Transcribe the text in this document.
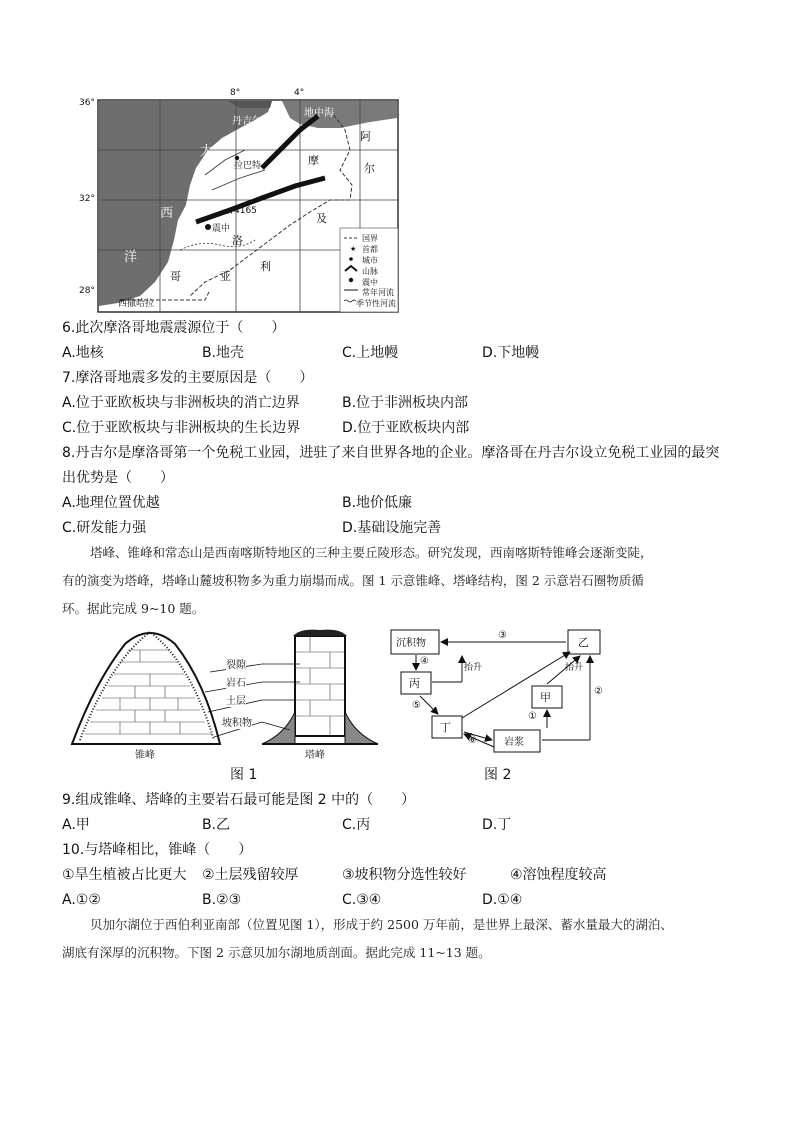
★
★
36°
32°
28°
8°	4°
丹吉尔
地中海
拉巴特
4165
震中
大
西
洋
摩
洛
哥
阿
尔
及
利
亚
西撒哈拉
国界
首都
城市
山脉
震中
常年河流
季节性河流
6.此次摩洛哥地震震源位于（　　）
A.地核	B.地壳	C.上地幔	D.下地幔
7.摩洛哥地震多发的主要原因是（　　）
A.位于亚欧板块与非洲板块的消亡边界	B.位于非洲板块内部
C.位于亚欧板块与非洲板块的生长边界	D.位于亚欧板块内部
8.丹吉尔是摩洛哥第一个免税工业园，进驻了来自世界各地的企业。摩洛哥在丹吉尔设立免税工业园的最突
出优势是（　　）
A.地理位置优越	B.地价低廉
C.研发能力强	D.基础设施完善
塔峰、锥峰和常态山是西南喀斯特地区的三种主要丘陵形态。研究发现，西南喀斯特锥峰会逐渐变陡，
有的演变为塔峰，塔峰山麓坡积物多为重力崩塌而成。图 1 示意锥峰、塔峰结构，图 2 示意岩石圈物质循
环。据此完成 9~10 题。
裂隙
岩石
土层
坡积物
锥峰	塔峰
图 1
沉积物	乙
丙
甲
丁
岩浆
抬升	抬升
③
④
⑤
⑥
①
②
图 2
9.组成锥峰、塔峰的主要岩石最可能是图 2 中的（　　）
A.甲	B.乙	C.丙	D.丁
10.与塔峰相比，锥峰（　　）
①旱生植被占比更大 ②土层残留较厚	③坡积物分选性较好	④溶蚀程度较高
A.①②	B.②③	C.③④	D.①④
贝加尔湖位于西伯利亚南部（位置见图 1），形成于约 2500 万年前，是世界上最深、蓄水量最大的湖泊、
湖底有深厚的沉积物。下图 2 示意贝加尔湖地质剖面。据此完成 11~13 题。
